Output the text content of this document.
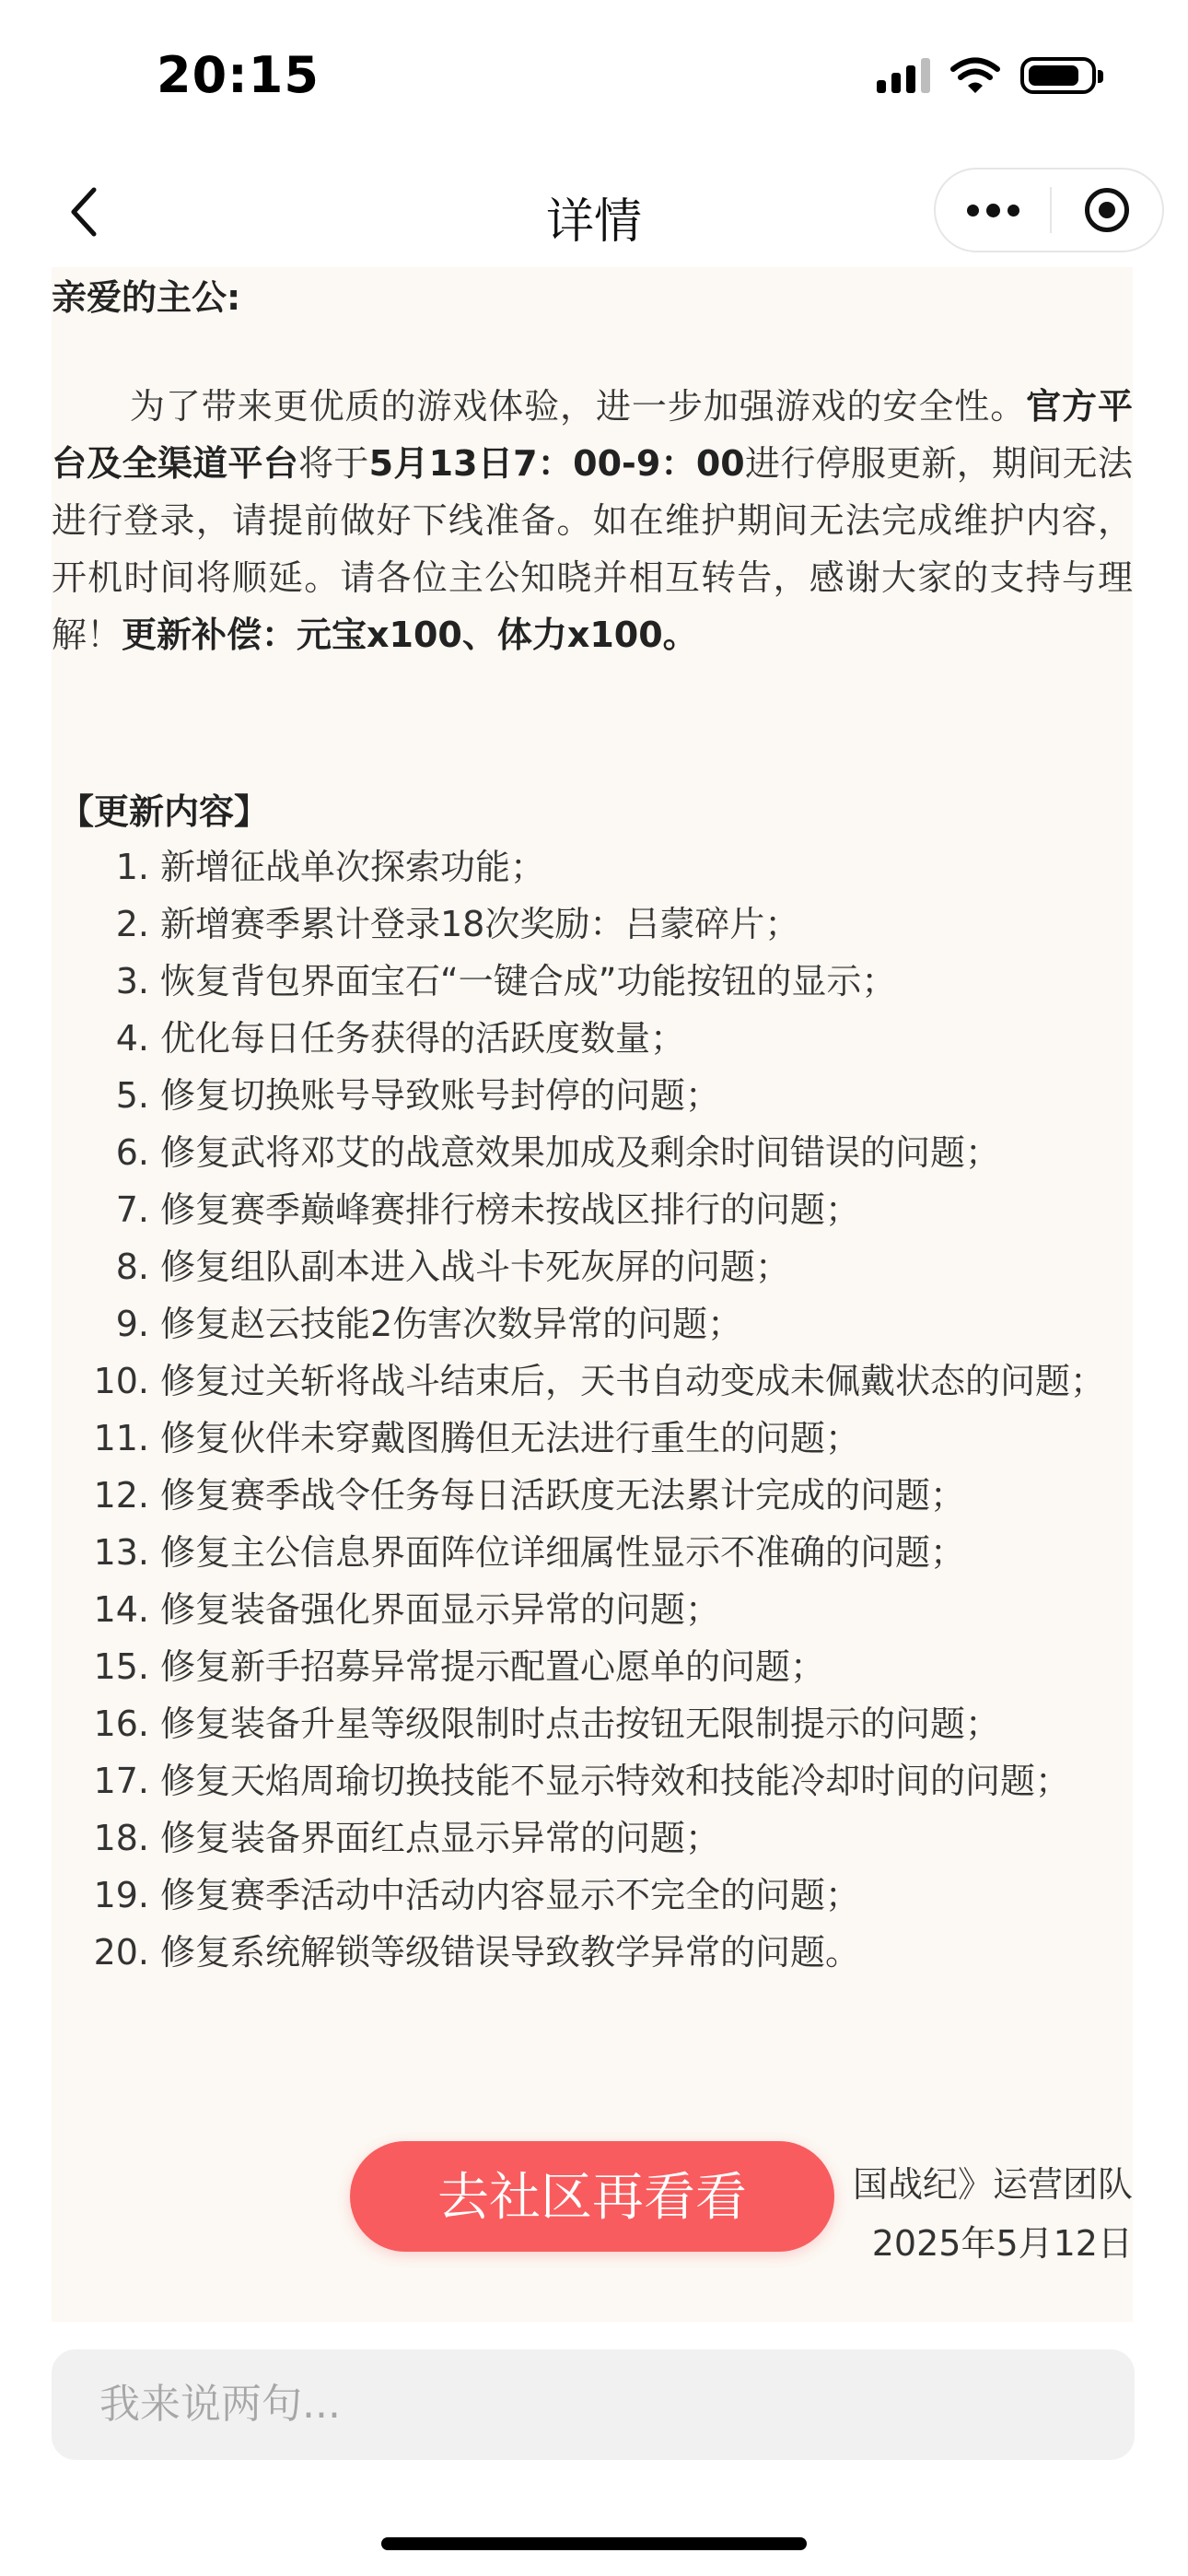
20:15
详情
亲爱的主公:
为了带来更优质的游戏体验，进一步加强游戏的安全性。官方平台及全渠道平台将于5月13日7：00-9：00进行停服更新，期间无法进行登录，请提前做好下线准备。如在维护期间无法完成维护内容，开机时间将顺延。请各位主公知晓并相互转告，感谢大家的支持与理解！更新补偿：元宝x100、体力x100。
【更新内容】
1. 新增征战单次探索功能；
2. 新增赛季累计登录18次奖励：吕蒙碎片；
3. 恢复背包界面宝石“一键合成”功能按钮的显示；
4. 优化每日任务获得的活跃度数量；
5. 修复切换账号导致账号封停的问题；
6. 修复武将邓艾的战意效果加成及剩余时间错误的问题；
7. 修复赛季巅峰赛排行榜未按战区排行的问题；
8. 修复组队副本进入战斗卡死灰屏的问题；
9. 修复赵云技能2伤害次数异常的问题；
10. 修复过关斩将战斗结束后，天书自动变成未佩戴状态的问题；
11. 修复伙伴未穿戴图腾但无法进行重生的问题；
12. 修复赛季战令任务每日活跃度无法累计完成的问题；
13. 修复主公信息界面阵位详细属性显示不准确的问题；
14. 修复装备强化界面显示异常的问题；
15. 修复新手招募异常提示配置心愿单的问题；
16. 修复装备升星等级限制时点击按钮无限制提示的问题；
17. 修复天焰周瑜切换技能不显示特效和技能冷却时间的问题；
18. 修复装备界面红点显示异常的问题；
19. 修复赛季活动中活动内容显示不完全的问题；
20. 修复系统解锁等级错误导致教学异常的问题。
国战纪》运营团队
2025年5月12日
去社区再看看
我来说两句...
